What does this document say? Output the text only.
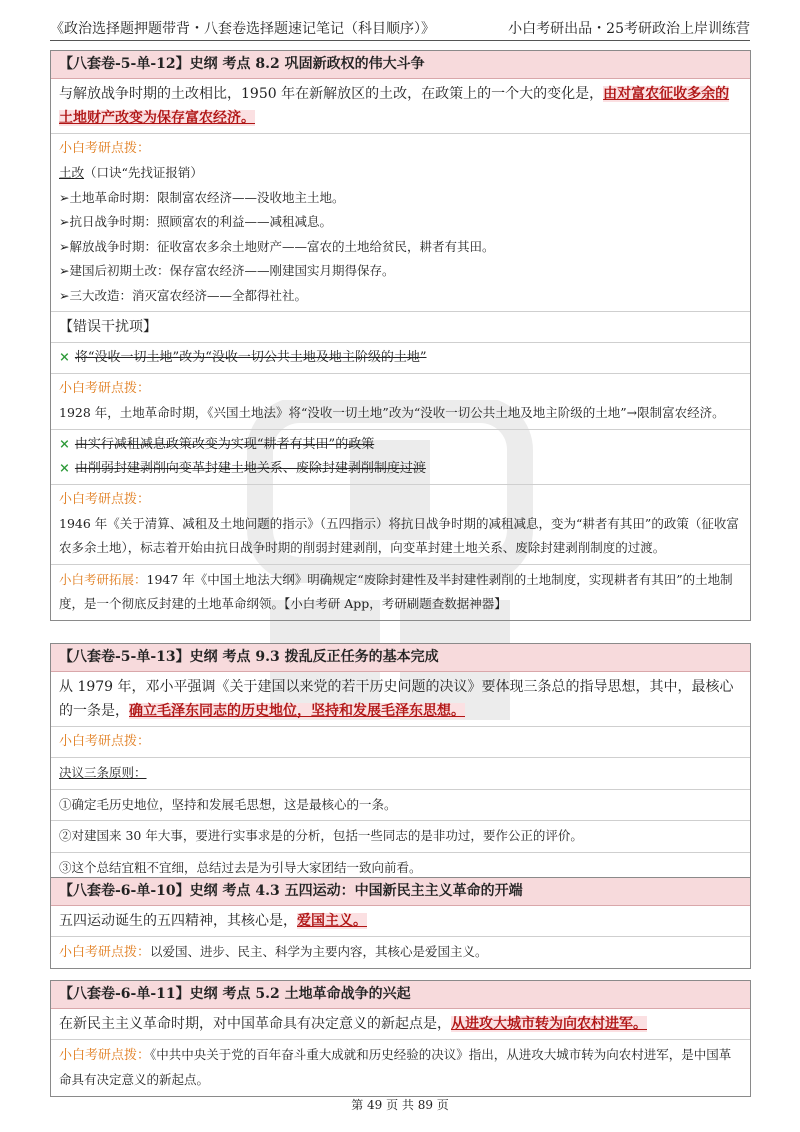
《政治选择题押题带背・八套卷选择题速记笔记（科目顺序）》	小白考研出品・25考研政治上岸训练营
【八套卷-5-单-12】史纲 考点 8.2 巩固新政权的伟大斗争
与解放战争时期的土改相比，1950 年在新解放区的土改，在政策上的一个大的变化是，由对富农征收多余的土地财产改变为保存富农经济。
小白考研点拨：
土改（口诀“先找证报销）
➢土地革命时期：限制富农经济——没收地主土地。
➢抗日战争时期：照顾富农的利益——减租减息。
➢解放战争时期：征收富农多余土地财产——富农的土地给贫民，耕者有其田。
➢建国后初期土改：保存富农经济——刚建国实月期得保存。
➢三大改造：消灭富农经济——全都得社社。
【错误干扰项】
× 将“没收一切土地”改为“没收一切公共土地及地主阶级的土地”
小白考研点拨：
1928 年，土地革命时期，《兴国土地法》将“没收一切土地”改为“没收一切公共土地及地主阶级的土地”→限制富农经济。
× 由实行减租减息政策改变为实现“耕者有其田”的政策
× 由削弱封建剥削向变革封建土地关系、废除封建剥削制度过渡
小白考研点拨：
1946 年《关于清算、减租及土地问题的指示》（五四指示）将抗日战争时期的减租减息，变为“耕者有其田”的政策（征收富农多余土地），标志着开始由抗日战争时期的削弱封建剥削，向变革封建土地关系、废除封建剥削制度的过渡。
小白考研拓展：1947 年《中国土地法大纲》明确规定“废除封建性及半封建性剥削的土地制度，实现耕者有其田”的土地制度，是一个彻底反封建的土地革命纲领。【小白考研 App，考研刷题查数据神器】
【八套卷-5-单-13】史纲 考点 9.3 拨乱反正任务的基本完成
从 1979 年，邓小平强调《关于建国以来党的若干历史问题的决议》要体现三条总的指导思想，其中，最核心的一条是，确立毛泽东同志的历史地位，坚持和发展毛泽东思想。
小白考研点拨：
决议三条原则：
①确定毛历史地位，坚持和发展毛思想，这是最核心的一条。
②对建国来 30 年大事，要进行实事求是的分析，包括一些同志的是非功过，要作公正的评价。
③这个总结宜粗不宜细，总结过去是为引导大家团结一致向前看。
【八套卷-6-单-10】史纲 考点 4.3 五四运动：中国新民主主义革命的开端
五四运动诞生的五四精神，其核心是，爱国主义。
小白考研点拨：以爱国、进步、民主、科学为主要内容，其核心是爱国主义。
【八套卷-6-单-11】史纲 考点 5.2 土地革命战争的兴起
在新民主主义革命时期，对中国革命具有决定意义的新起点是，从进攻大城市转为向农村进军。
小白考研点拨：《中共中央关于党的百年奋斗重大成就和历史经验的决议》指出，从进攻大城市转为向农村进军，是中国革命具有决定意义的新起点。
第 49 页 共 89 页
